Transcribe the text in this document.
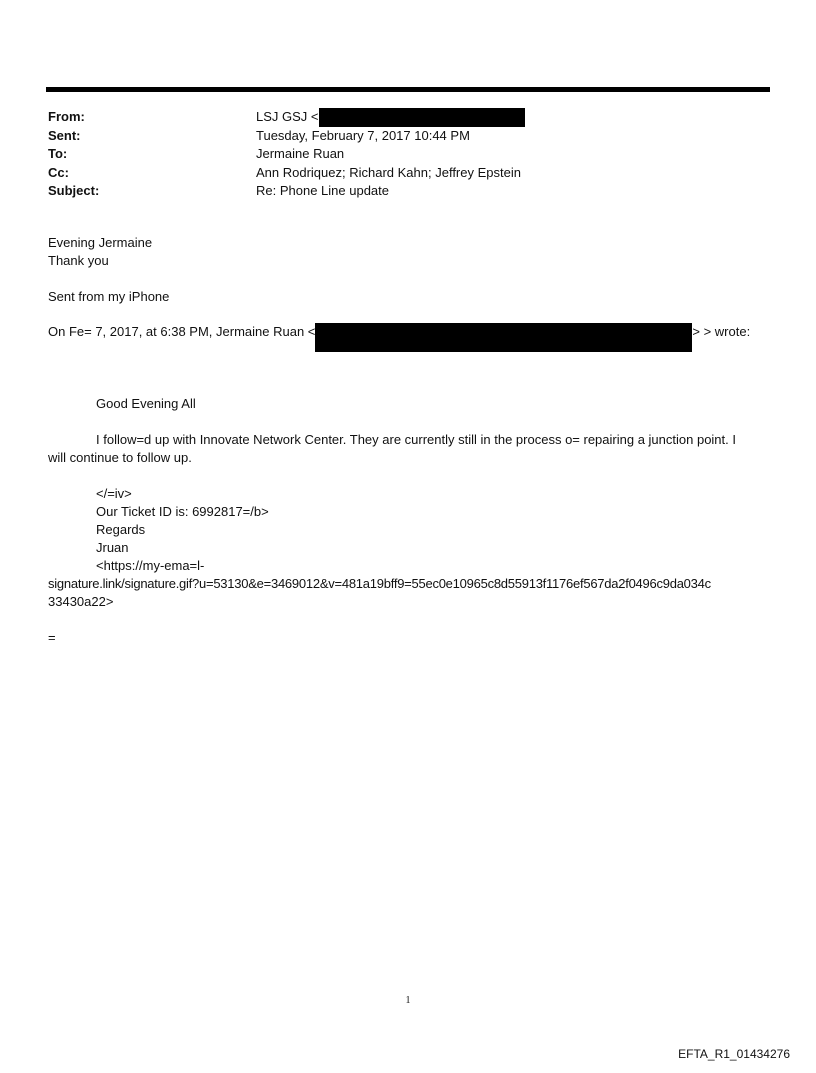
From:	LSJ GSJ <
Sent:	Tuesday, February 7, 2017 10:44 PM
To:	Jermaine Ruan
Cc:	Ann Rodriquez; Richard Kahn; Jeffrey Epstein
Subject:	Re: Phone Line update
Evening Jermaine
Thank you
Sent from my iPhone
On Fe= 7, 2017, at 6:38 PM, Jermaine Ruan <	> > wrote:
Good Evening All
I follow=d up with Innovate Network Center. They are currently still in the process o= repairing a junction point. I
will continue to follow up.
</=iv>
Our Ticket ID is: 6992817=/b>
Regards
Jruan
<https://my-ema=l-
signature.link/signature.gif?u=53130&e=3469012&v=481a19bff9=55ec0e10965c8d55913f1176ef567da2f0496c9da034c
33430a22>
=
1
EFTA_R1_01434276
